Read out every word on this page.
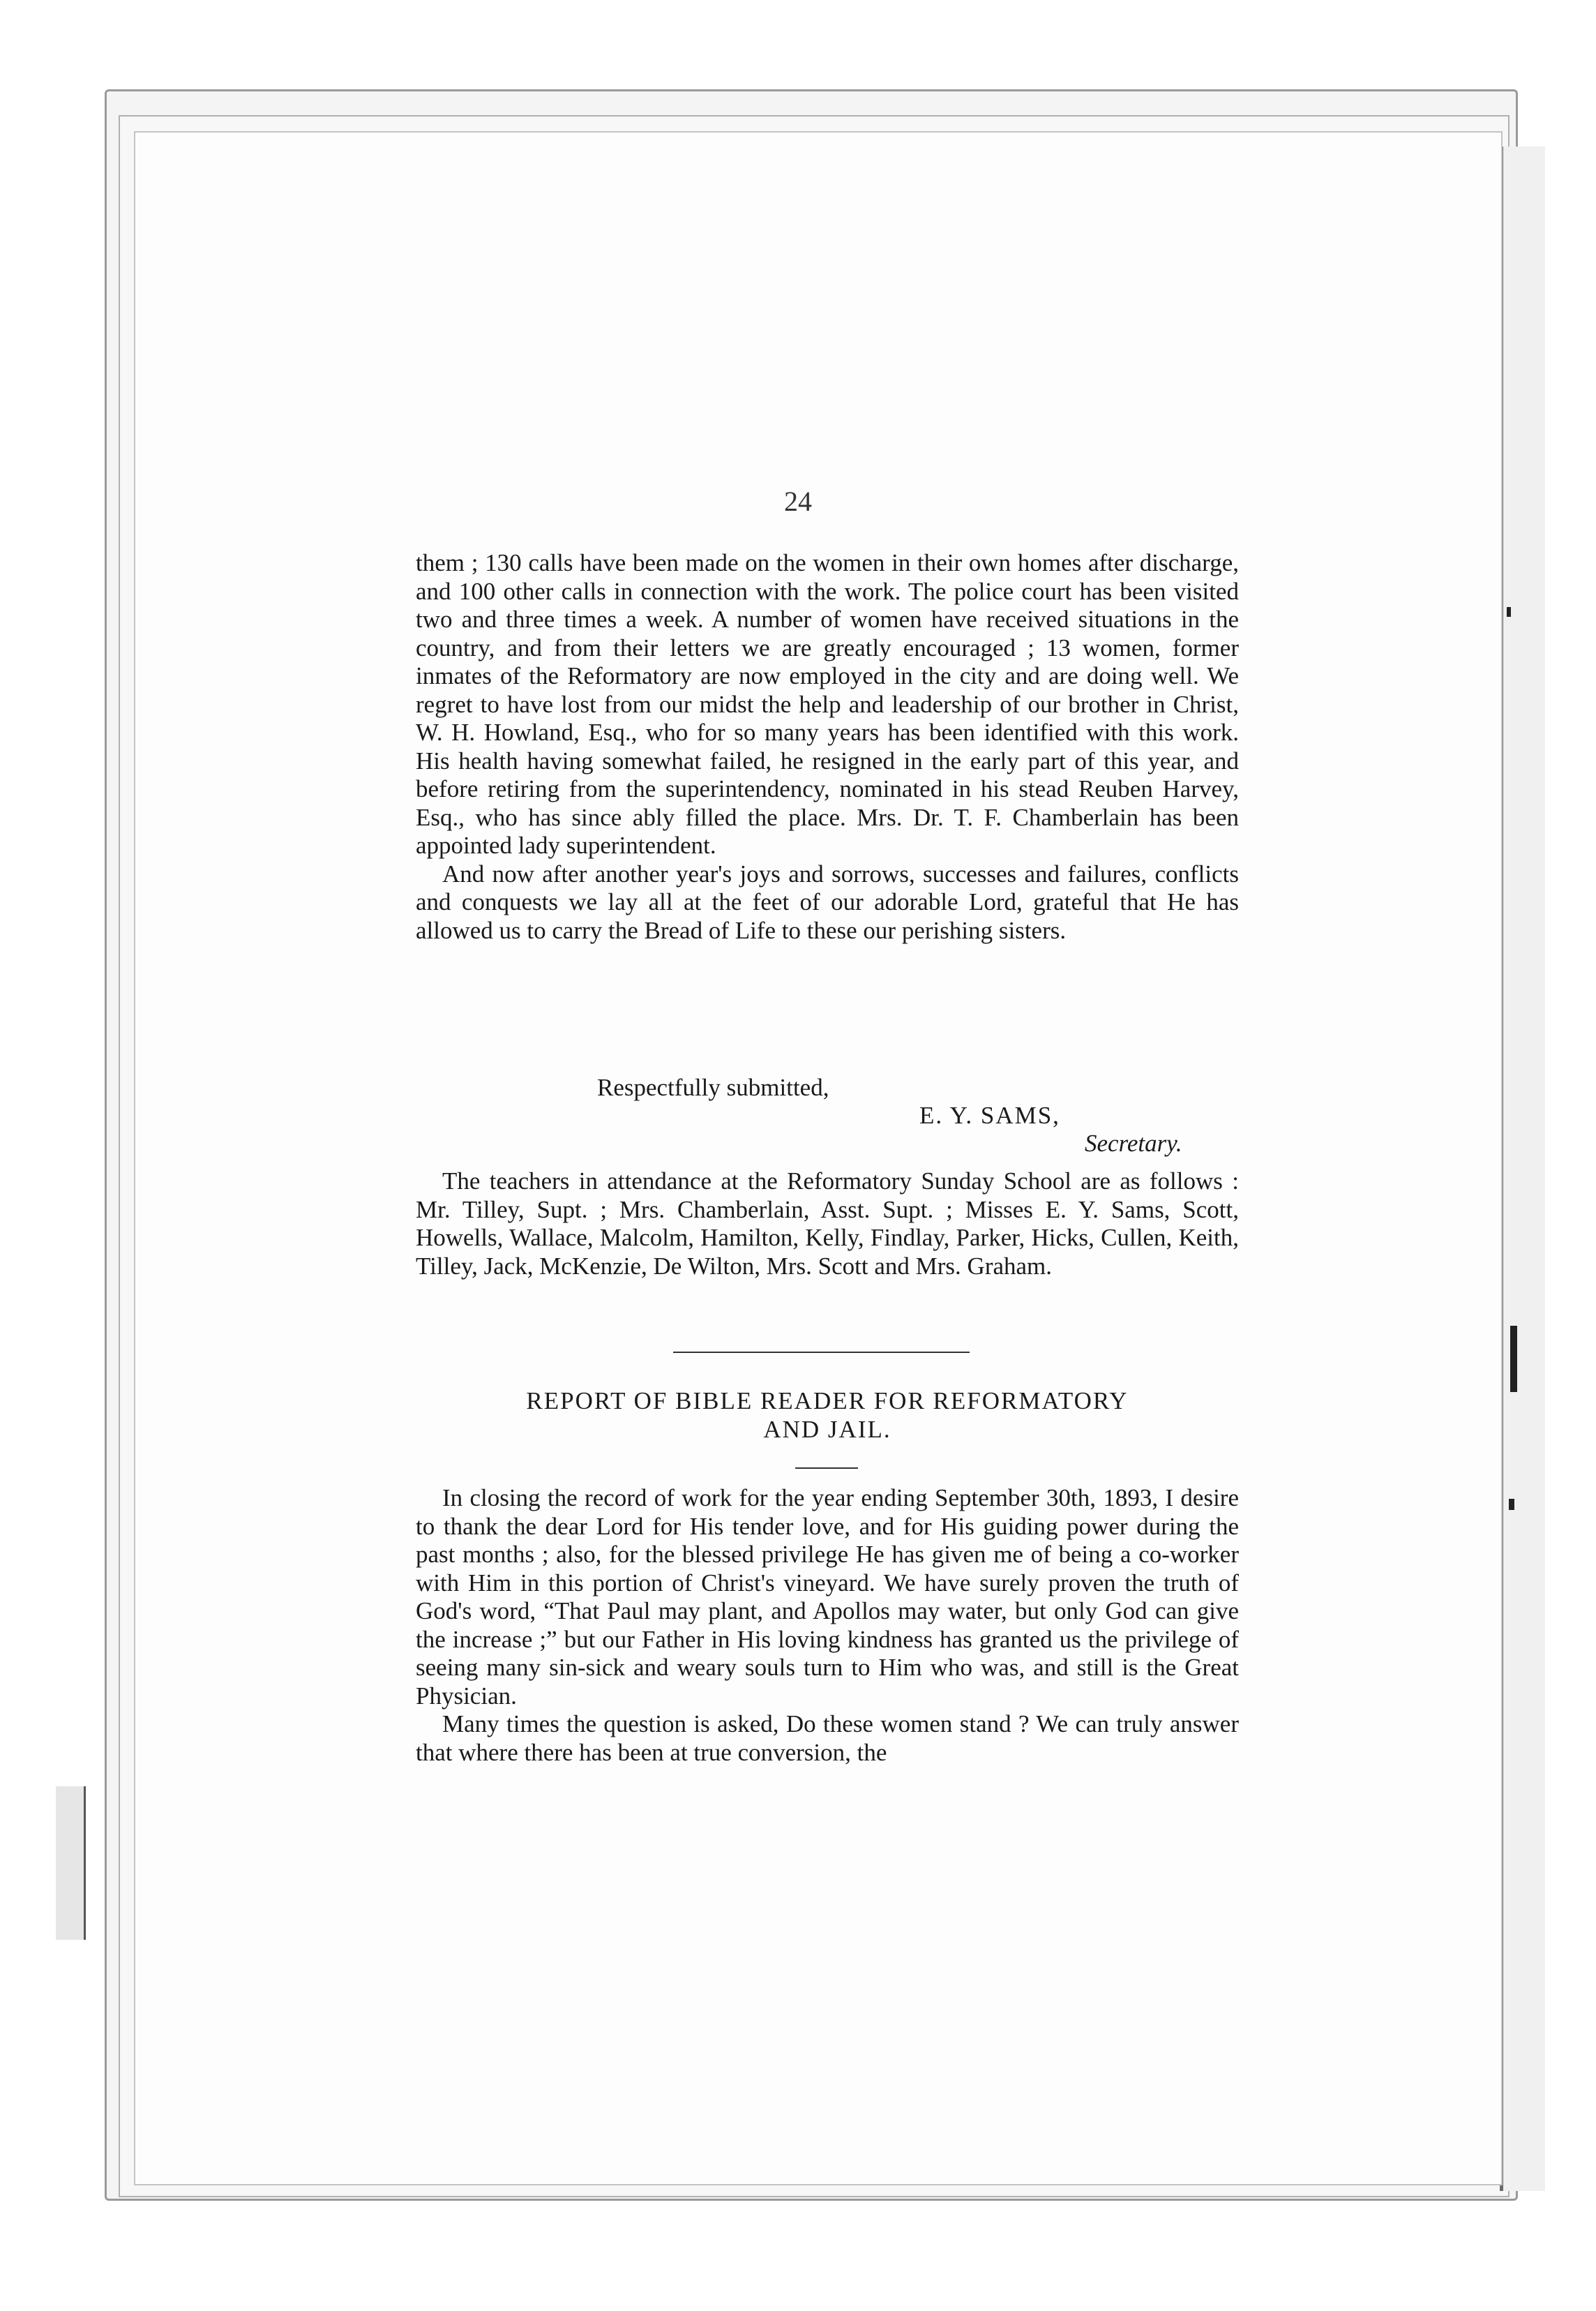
24

them ; 130 calls have been made on the women in their own homes after discharge, and 100 other calls in connection with the work. The police court has been visited two and three times a week. A number of women have received situations in the country, and from their letters we are greatly encouraged ; 13 women, former inmates of the Reformatory are now employed in the city and are doing well. We regret to have lost from our midst the help and leadership of our brother in Christ, W. H. Howland, Esq., who for so many years has been identified with this work. His health having somewhat failed, he resigned in the early part of this year, and before retiring from the superintendency, nominated in his stead Reuben Harvey, Esq., who has since ably filled the place. Mrs. Dr. T. F. Chamberlain has been appointed lady superintendent.

And now after another year's joys and sorrows, successes and failures, conflicts and conquests we lay all at the feet of our adorable Lord, grateful that He has allowed us to carry the Bread of Life to these our perishing sisters.

Respectfully submitted,
E. Y. SAMS,
Secretary.

The teachers in attendance at the Reformatory Sunday School are as follows : Mr. Tilley, Supt. ; Mrs. Chamberlain, Asst. Supt. ; Misses E. Y. Sams, Scott, Howells, Wallace, Malcolm, Hamilton, Kelly, Findlay, Parker, Hicks, Cullen, Keith, Tilley, Jack, McKenzie, De Wilton, Mrs. Scott and Mrs. Graham.

REPORT OF BIBLE READER FOR REFORMATORY
AND JAIL.

In closing the record of work for the year ending September 30th, 1893, I desire to thank the dear Lord for His tender love, and for His guiding power during the past months ; also, for the blessed privilege He has given me of being a co-worker with Him in this portion of Christ's vineyard. We have surely proven the truth of God's word, “That Paul may plant, and Apollos may water, but only God can give the increase ;” but our Father in His loving kindness has granted us the privilege of seeing many sin-sick and weary souls turn to Him who was, and still is the Great Physician.

Many times the question is asked, Do these women stand ? We can truly answer that where there has been at true conversion, the
